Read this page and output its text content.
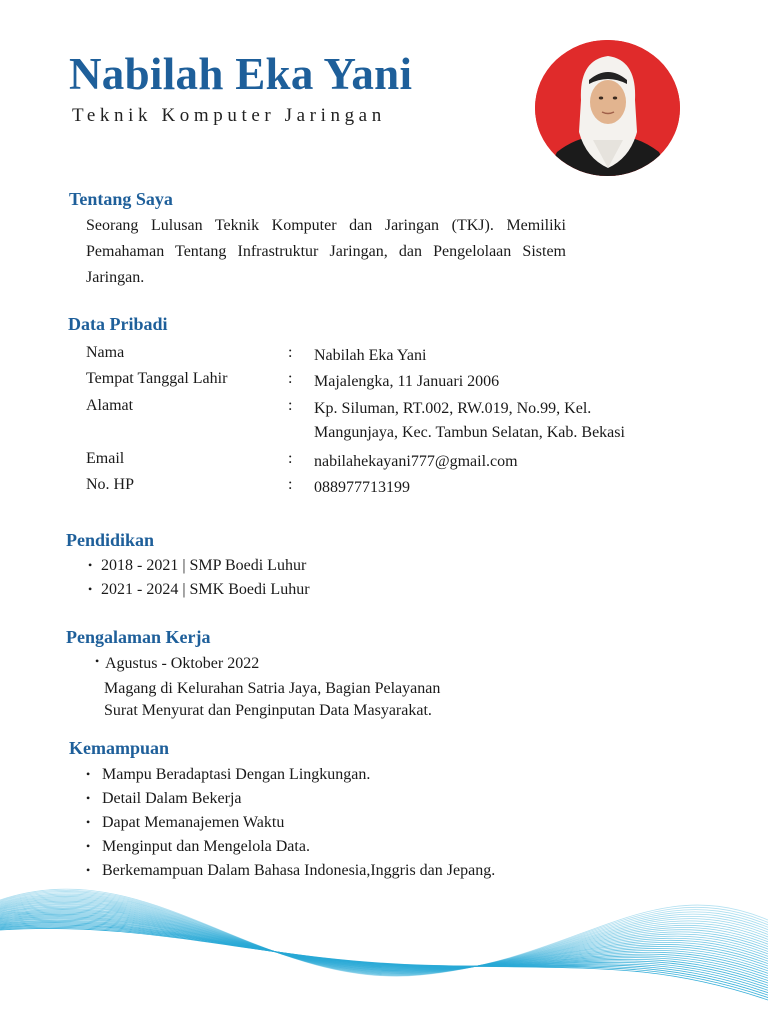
Nabilah Eka Yani
Teknik Komputer Jaringan
Tentang Saya
Seorang Lulusan Teknik Komputer dan Jaringan (TKJ). Memiliki Pemahaman Tentang Infrastruktur Jaringan, dan Pengelolaan Sistem Jaringan.
Data Pribadi
Nama	: Nabilah Eka Yani
Tempat Tanggal Lahir	: Majalengka, 11 Januari 2006
Alamat	: Kp. Siluman, RT.002, RW.019, No.99, Kel.
Mangunjaya, Kec. Tambun Selatan, Kab. Bekasi
Email	: nabilahekayani777@gmail.com
No. HP	: 088977713199
Pendidikan
• 2018 - 2021 | SMP Boedi Luhur
• 2021 - 2024 | SMK Boedi Luhur
Pengalaman Kerja
• Agustus - Oktober 2022
Magang di Kelurahan Satria Jaya, Bagian Pelayanan
Surat Menyurat dan Penginputan Data Masyarakat.
Kemampuan
• Mampu Beradaptasi Dengan Lingkungan.
• Detail Dalam Bekerja
• Dapat Memanajemen Waktu
• Menginput dan Mengelola Data.
• Berkemampuan Dalam Bahasa Indonesia,Inggris dan Jepang.
